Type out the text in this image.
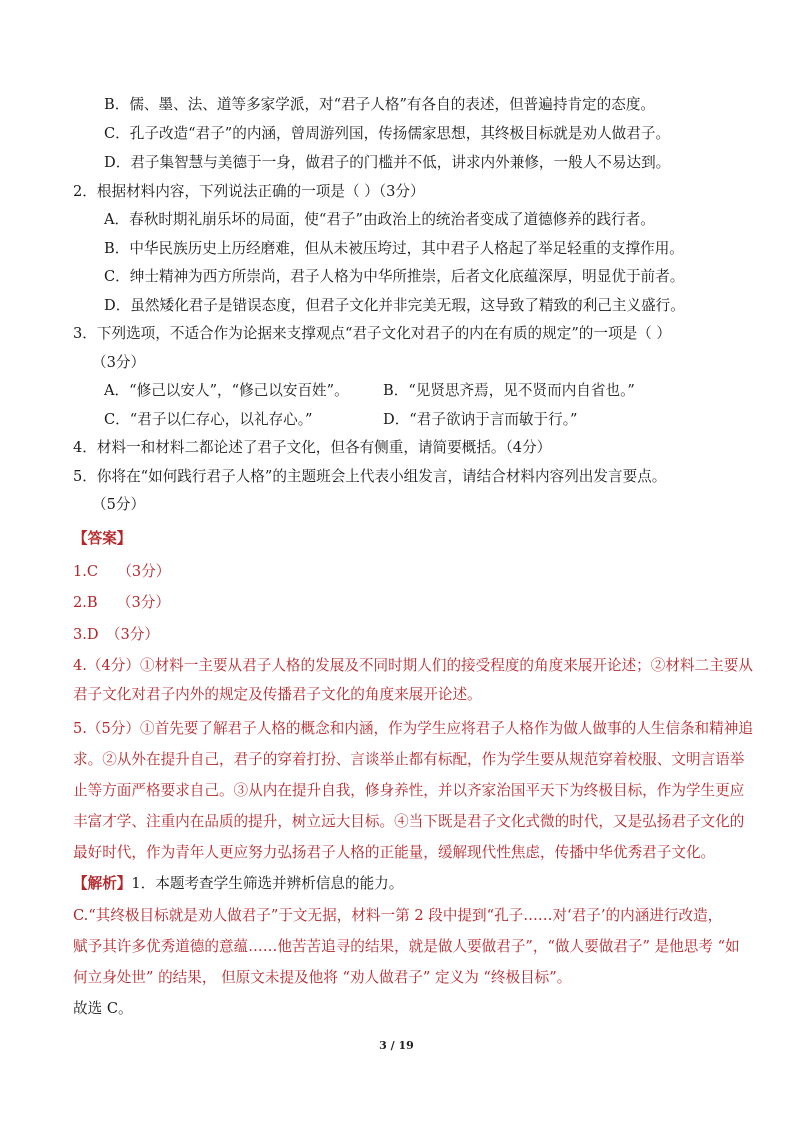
B．儒、墨、法、道等多家学派，对“君子人格”有各自的表述，但普遍持肯定的态度。
C．孔子改造“君子”的内涵，曾周游列国，传扬儒家思想，其终极目标就是劝人做君子。
D．君子集智慧与美德于一身，做君子的门槛并不低，讲求内外兼修，一般人不易达到。
2．根据材料内容，下列说法正确的一项是（ ）（3分）
A．春秋时期礼崩乐坏的局面，使“君子”由政治上的统治者变成了道德修养的践行者。
B．中华民族历史上历经磨难，但从未被压垮过，其中君子人格起了举足轻重的支撑作用。
C．绅士精神为西方所崇尚，君子人格为中华所推崇，后者文化底蕴深厚，明显优于前者。
D．虽然矮化君子是错误态度，但君子文化并非完美无瑕，这导致了精致的利己主义盛行。
3．下列选项，不适合作为论据来支撑观点“君子文化对君子的内在有质的规定”的一项是（ ）
（3分）
A．“修己以安人”，“修己以安百姓”。 B．“见贤思齐焉，见不贤而内自省也。”
C．“君子以仁存心，以礼存心。”	D．“君子欲讷于言而敏于行。”
4．材料一和材料二都论述了君子文化，但各有侧重，请简要概括。（4分）
5．你将在“如何践行君子人格”的主题班会上代表小组发言，请结合材料内容列出发言要点。
（5分）
【答案】
1.C　 （3分）
2.B　 （3分）
3.D　（3分）
4.（4分）①材料一主要从君子人格的发展及不同时期人们的接受程度的角度来展开论述；②材料二主要从
君子文化对君子内外的规定及传播君子文化的角度来展开论述。
5.（5分）①首先要了解君子人格的概念和内涵，作为学生应将君子人格作为做人做事的人生信条和精神追
求。②从外在提升自己，君子的穿着打扮、言谈举止都有标配，作为学生要从规范穿着校服、文明言语举
止等方面严格要求自己。③从内在提升自我，修身养性，并以齐家治国平天下为终极目标，作为学生更应
丰富才学、注重内在品质的提升，树立远大目标。④当下既是君子文化式微的时代，又是弘扬君子文化的
最好时代，作为青年人更应努力弘扬君子人格的正能量，缓解现代性焦虑，传播中华优秀君子文化。
【解析】1．本题考查学生筛选并辨析信息的能力。
C.“其终极目标就是劝人做君子”于文无据，材料一第 2 段中提到“孔子……对‘君子’的内涵进行改造，
赋予其许多优秀道德的意蕴……他苦苦追寻的结果，就是做人要做君子”，“做人要做君子” 是他思考 “如
何立身处世” 的结果， 但原文未提及他将 “劝人做君子” 定义为 “终极目标”。
故选 C。
3 / 19
